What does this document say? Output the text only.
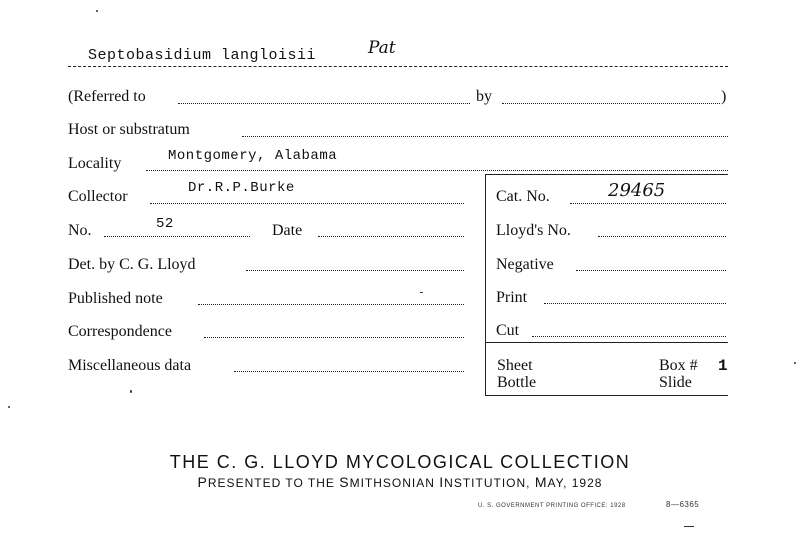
Septobasidium langloisii	Pat
(Referred to	by	)
Host or substratum
Locality	Montgomery, Alabama
Collector	Dr.R.P.Burke
No.	52	Date
Det. by C. G. Lloyd
Published note
Correspondence
Miscellaneous data
Cat. No.	29465
Lloyd's No.
Negative
Print
Cut
Sheet
Bottle
Box # 1
Slide
THE C. G. LLOYD MYCOLOGICAL COLLECTION
PRESENTED TO THE SMITHSONIAN INSTITUTION, MAY, 1928
U. S. GOVERNMENT PRINTING OFFICE: 1928	8—6365
